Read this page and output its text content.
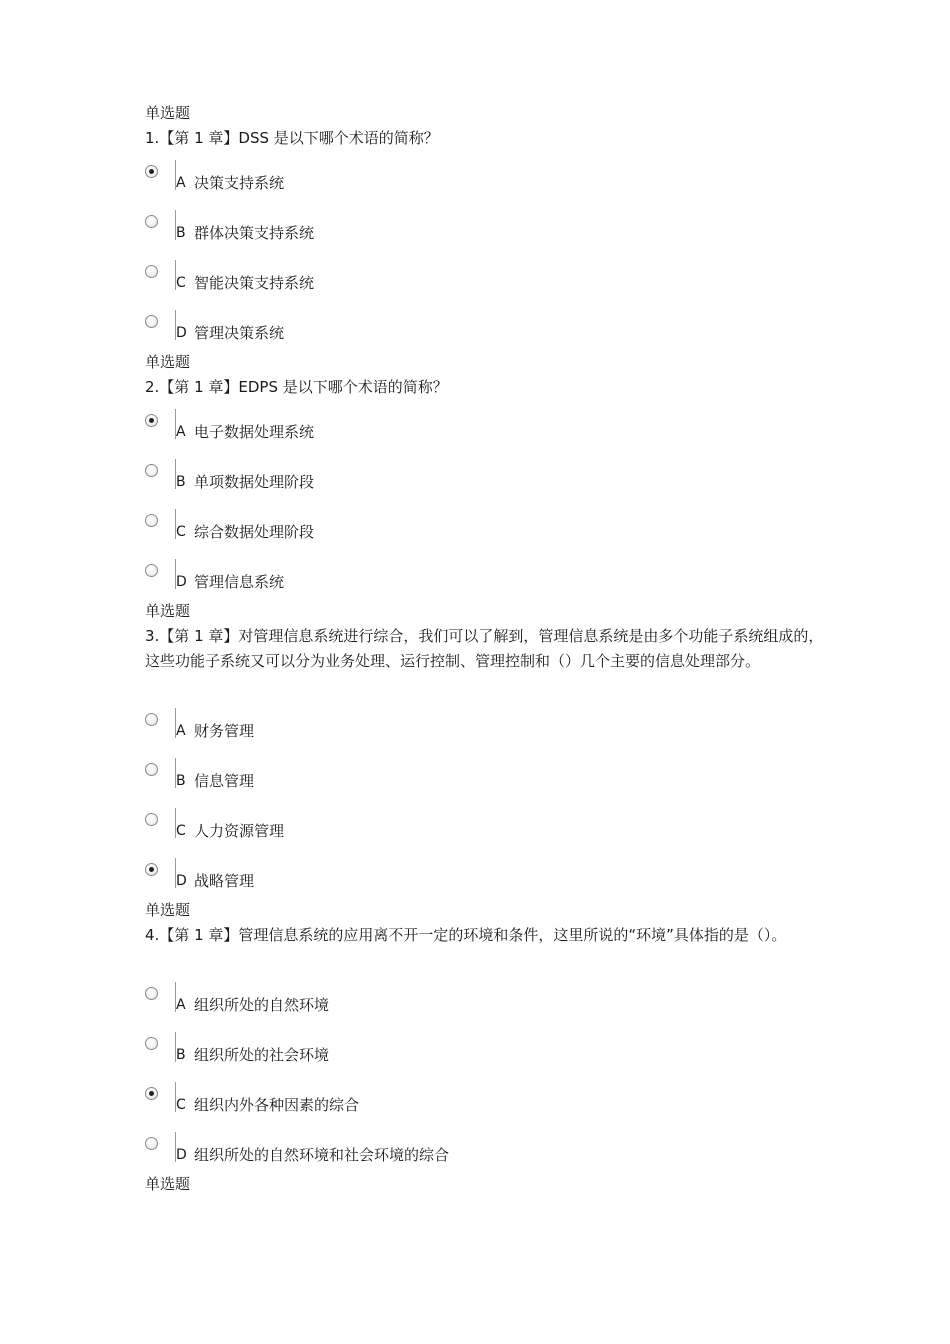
单选题
1.【第 1 章】DSS 是以下哪个术语的简称？
A 决策支持系统
B 群体决策支持系统
C 智能决策支持系统
D 管理决策系统
单选题
2.【第 1 章】EDPS 是以下哪个术语的简称？
A 电子数据处理系统
B 单项数据处理阶段
C 综合数据处理阶段
D 管理信息系统
单选题
3.【第 1 章】对管理信息系统进行综合，我们可以了解到，管理信息系统是由多个功能子系统组成的，这些功能子系统又可以分为业务处理、运行控制、管理控制和（）几个主要的信息处理部分。
A 财务管理
B 信息管理
C 人力资源管理
D 战略管理
单选题
4.【第 1 章】管理信息系统的应用离不开一定的环境和条件，这里所说的“环境”具体指的是（）。
A 组织所处的自然环境
B 组织所处的社会环境
C 组织内外各种因素的综合
D 组织所处的自然环境和社会环境的综合
单选题
